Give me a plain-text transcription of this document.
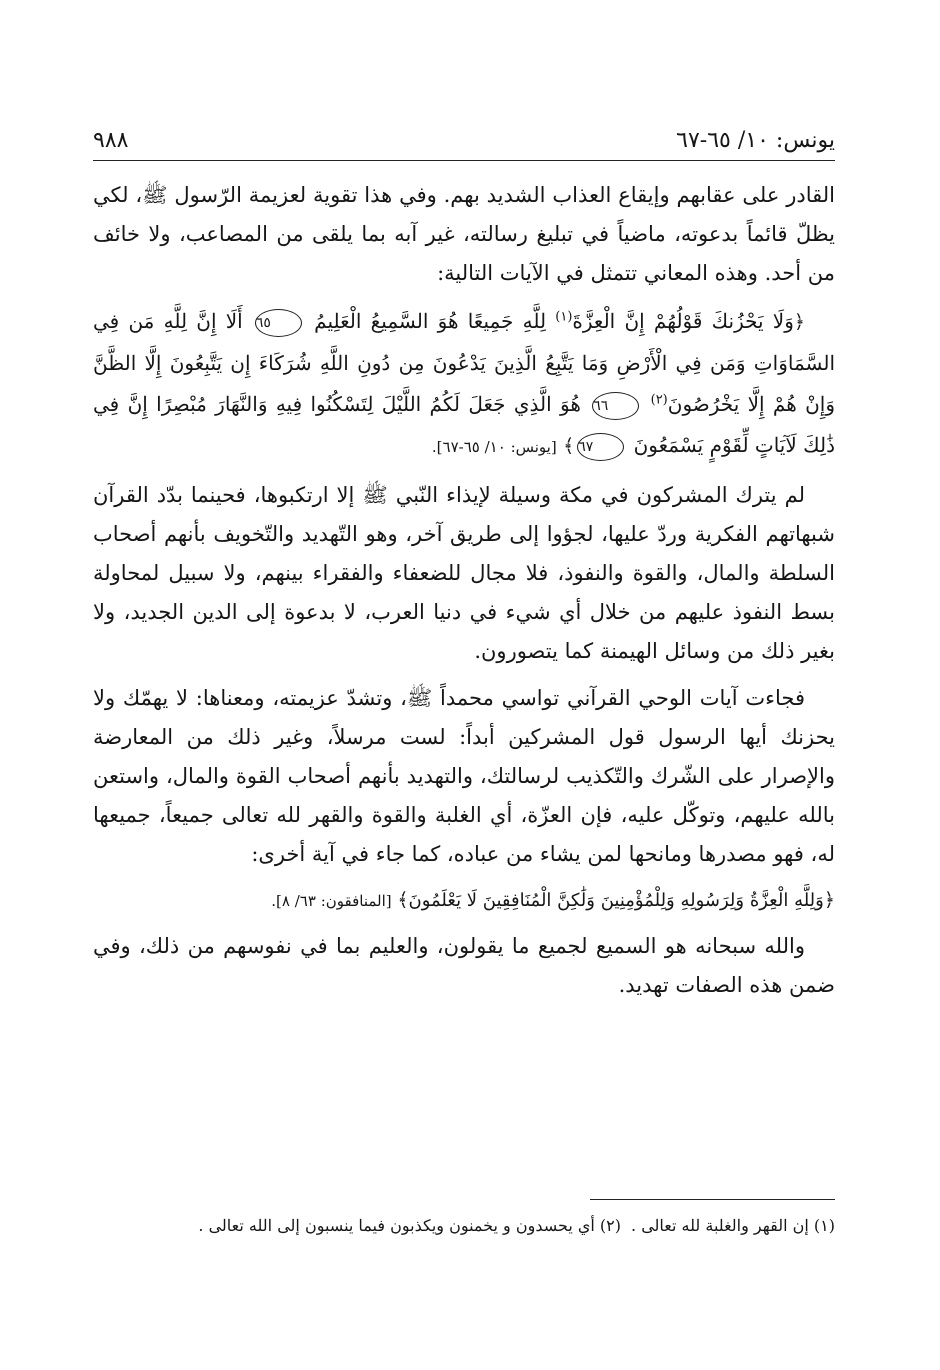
يونس: ١٠/ ٦٥-٦٧
٩٨٨

القادر على عقابهم وإيقاع العذاب الشديد بهم. وفي هذا تقوية لعزيمة الرّسول ﷺ، لكي يظلّ قائماً بدعوته، ماضياً في تبليغ رسالته، غير آبه بما يلقى من المصاعب، ولا خائف من أحد. وهذه المعاني تتمثل في الآيات التالية:

﴿وَلَا يَحْزُنكَ قَوْلُهُمْ إِنَّ الْعِزَّةَ$^{(١)}$ لِلَّهِ جَمِيعًا هُوَ السَّمِيعُ الْعَلِيمُ ٦٥ أَلَا إِنَّ لِلَّهِ مَن فِي السَّمَاوَاتِ وَمَن فِي الْأَرْضِ وَمَا يَتَّبِعُ الَّذِينَ يَدْعُونَ مِن دُونِ اللَّهِ شُرَكَاءَ إِن يَتَّبِعُونَ إِلَّا الظَّنَّ وَإِنْ هُمْ إِلَّا يَخْرُصُونَ$^{(٢)}$ ٦٦ هُوَ الَّذِي جَعَلَ لَكُمُ اللَّيْلَ لِتَسْكُنُوا فِيهِ وَالنَّهَارَ مُبْصِرًا إِنَّ فِي ذَٰلِكَ لَآيَاتٍ لِّقَوْمٍ يَسْمَعُونَ ٦٧﴾ [يونس: ١٠/ ٦٥-٦٧].

لم يترك المشركون في مكة وسيلة لإيذاء النّبي ﷺ إلا ارتكبوها، فحينما بدّد القرآن شبهاتهم الفكرية وردّ عليها، لجؤوا إلى طريق آخر، وهو التّهديد والتّخويف بأنهم أصحاب السلطة والمال، والقوة والنفوذ، فلا مجال للضعفاء والفقراء بينهم، ولا سبيل لمحاولة بسط النفوذ عليهم من خلال أي شيء في دنيا العرب، لا بدعوة إلى الدين الجديد، ولا بغير ذلك من وسائل الهيمنة كما يتصورون.

فجاءت آيات الوحي القرآني تواسي محمداً ﷺ، وتشدّ عزيمته، ومعناها: لا يهمّك ولا يحزنك أيها الرسول قول المشركين أبداً: لست مرسلاً، وغير ذلك من المعارضة والإصرار على الشّرك والتّكذيب لرسالتك، والتهديد بأنهم أصحاب القوة والمال، واستعن بالله عليهم، وتوكّل عليه، فإن العزّة، أي الغلبة والقوة والقهر لله تعالى جميعاً، جميعها له، فهو مصدرها ومانحها لمن يشاء من عباده، كما جاء في آية أخرى:

﴿وَلِلَّهِ الْعِزَّةُ وَلِرَسُولِهِ وَلِلْمُؤْمِنِينَ وَلَٰكِنَّ الْمُنَافِقِينَ لَا يَعْلَمُونَ﴾ [المنافقون: ٦٣/ ٨].

والله سبحانه هو السميع لجميع ما يقولون، والعليم بما في نفوسهم من ذلك، وفي ضمن هذه الصفات تهديد.

(١) إن القهر والغلبة لله تعالى .(٢) أي يحسدون و يخمنون ويكذبون فيما ينسبون إلى الله تعالى .
